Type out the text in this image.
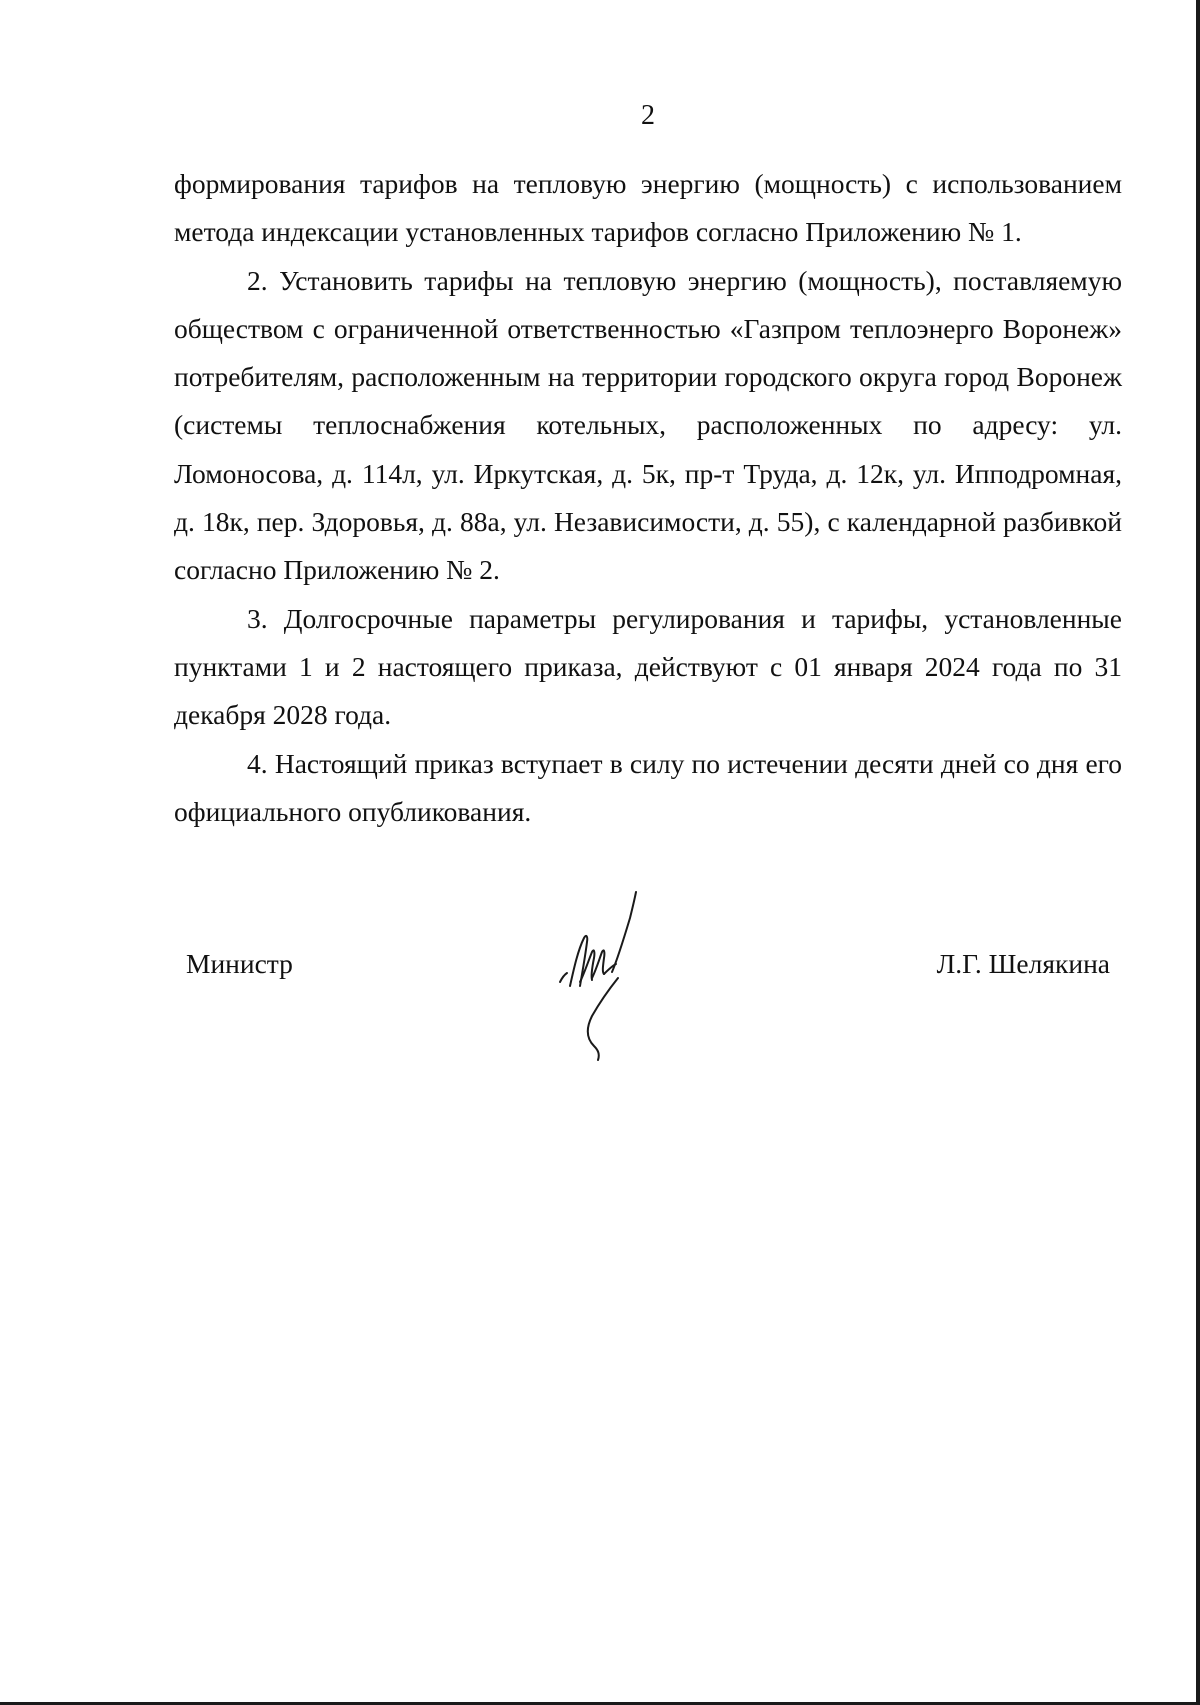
2

формирования тарифов на тепловую энергию (мощность) с использованием метода индексации установленных тарифов согласно Приложению № 1.

2. Установить тарифы на тепловую энергию (мощность), поставляемую обществом с ограниченной ответственностью «Газпром теплоэнерго Воронеж» потребителям, расположенным на территории городского округа город Воронеж (системы теплоснабжения котельных, расположенных по адресу: ул. Ломоносова, д. 114л, ул. Иркутская, д. 5к, пр-т Труда, д. 12к, ул. Ипподромная, д. 18к, пер. Здоровья, д. 88а, ул. Независимости, д. 55), с календарной разбивкой согласно Приложению № 2.

3. Долгосрочные параметры регулирования и тарифы, установленные пунктами 1 и 2 настоящего приказа, действуют с 01 января 2024 года по 31 декабря 2028 года.

4. Настоящий приказ вступает в силу по истечении десяти дней со дня его официального опубликования.

Министр	Л.Г. Шелякина
